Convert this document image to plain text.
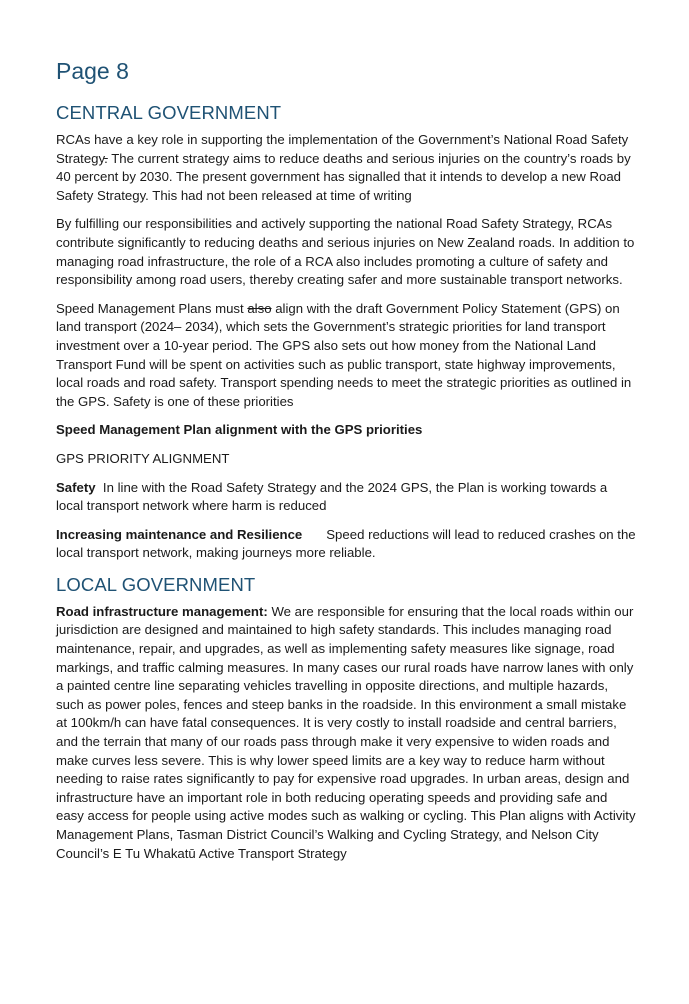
Page 8
CENTRAL GOVERNMENT

RCAs have a key role in supporting the implementation of the Government’s National Road Safety Strategy. The current strategy aims to reduce deaths and serious injuries on the country’s roads by 40 percent by 2030. The present government has signalled that it intends to develop a new Road Safety Strategy. This had not been released at time of writing

By fulfilling our responsibilities and actively supporting the national Road Safety Strategy, RCAs contribute significantly to reducing deaths and serious injuries on New Zealand roads. In addition to managing road infrastructure, the role of a RCA also includes promoting a culture of safety and responsibility among road users, thereby creating safer and more sustainable transport networks.

Speed Management Plans must also align with the draft Government Policy Statement (GPS) on land transport (2024– 2034), which sets the Government’s strategic priorities for land transport investment over a 10-year period. The GPS also sets out how money from the National Land Transport Fund will be spent on activities such as public transport, state highway improvements, local roads and road safety. Transport spending needs to meet the strategic priorities as outlined in the GPS. Safety is one of these priorities

Speed Management Plan alignment with the GPS priorities

GPS PRIORITY ALIGNMENT

Safety In line with the Road Safety Strategy and the 2024 GPS, the Plan is working towards a local transport network where harm is reduced

Increasing maintenance and Resilience Speed reductions will lead to reduced crashes on the local transport network, making journeys more reliable.

LOCAL GOVERNMENT

Road infrastructure management: We are responsible for ensuring that the local roads within our jurisdiction are designed and maintained to high safety standards. This includes managing road maintenance, repair, and upgrades, as well as implementing safety measures like signage, road markings, and traffic calming measures. In many cases our rural roads have narrow lanes with only a painted centre line separating vehicles travelling in opposite directions, and multiple hazards, such as power poles, fences and steep banks in the roadside. In this environment a small mistake at 100km/h can have fatal consequences. It is very costly to install roadside and central barriers, and the terrain that many of our roads pass through make it very expensive to widen roads and make curves less severe. This is why lower speed limits are a key way to reduce harm without needing to raise rates significantly to pay for expensive road upgrades. In urban areas, design and infrastructure have an important role in both reducing operating speeds and providing safe and easy access for people using active modes such as walking or cycling. This Plan aligns with Activity Management Plans, Tasman District Council’s Walking and Cycling Strategy, and Nelson City Council’s E Tu Whakatū Active Transport Strategy
